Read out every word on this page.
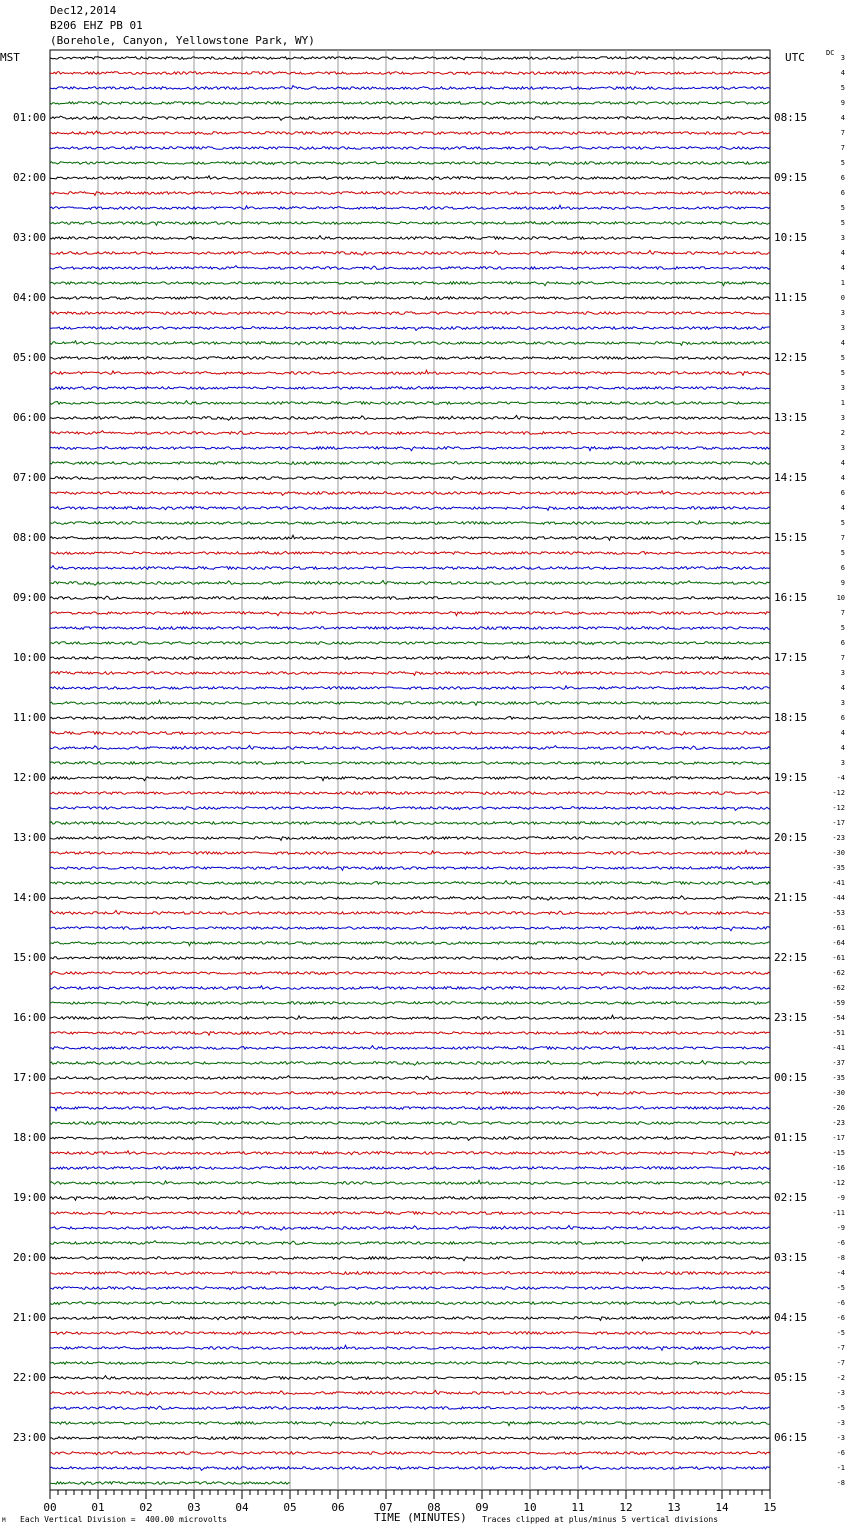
Dec12,2014
B206 EHZ PB 01
(Borehole, Canyon, Yellowstone Park, WY)
MST	UTC	DC
01:00	08:15
02:00	09:15
03:00	10:15
04:00	11:15
05:00	12:15
06:00	13:15
07:00	14:15
08:00	15:15
09:00	16:15
10:00	17:15
11:00	18:15
12:00	19:15
13:00	20:15
14:00	21:15
15:00	22:15
16:00	23:15
17:00	00:15
18:00	01:15
19:00	02:15
20:00	03:15
21:00	04:15
22:00	05:15
23:00	06:15
3
4
5
9
4
7
7
5
6
6
5
5
3
4
4
1
0
3
3
4
5
5
3
1
3
2
3
4
4
6
4
5
7
5
6
9
10
7
5
6
7
3
4
3
6
4
4
3
-4
-12
-12
-17
-23
-30
-35
-41
-44
-53
-61
-64
-61
-62
-62
-59
-54
-51
-41
-37
-35
-30
-26
-23
-17
-15
-16
-12
-9
-11
-9
-6
-8
-4
-5
-6
-6
-5
-7
-7
-2
-3
-5
-3
-3
-6
-1
-8
Each Vertical Division =  400.00 microvolts
M	TIME (MINUTES) Traces clipped at plus/minus 5 vertical divisions
00	01	02	03	04	05	06	07	08	09	10	11	12	13	14	15
